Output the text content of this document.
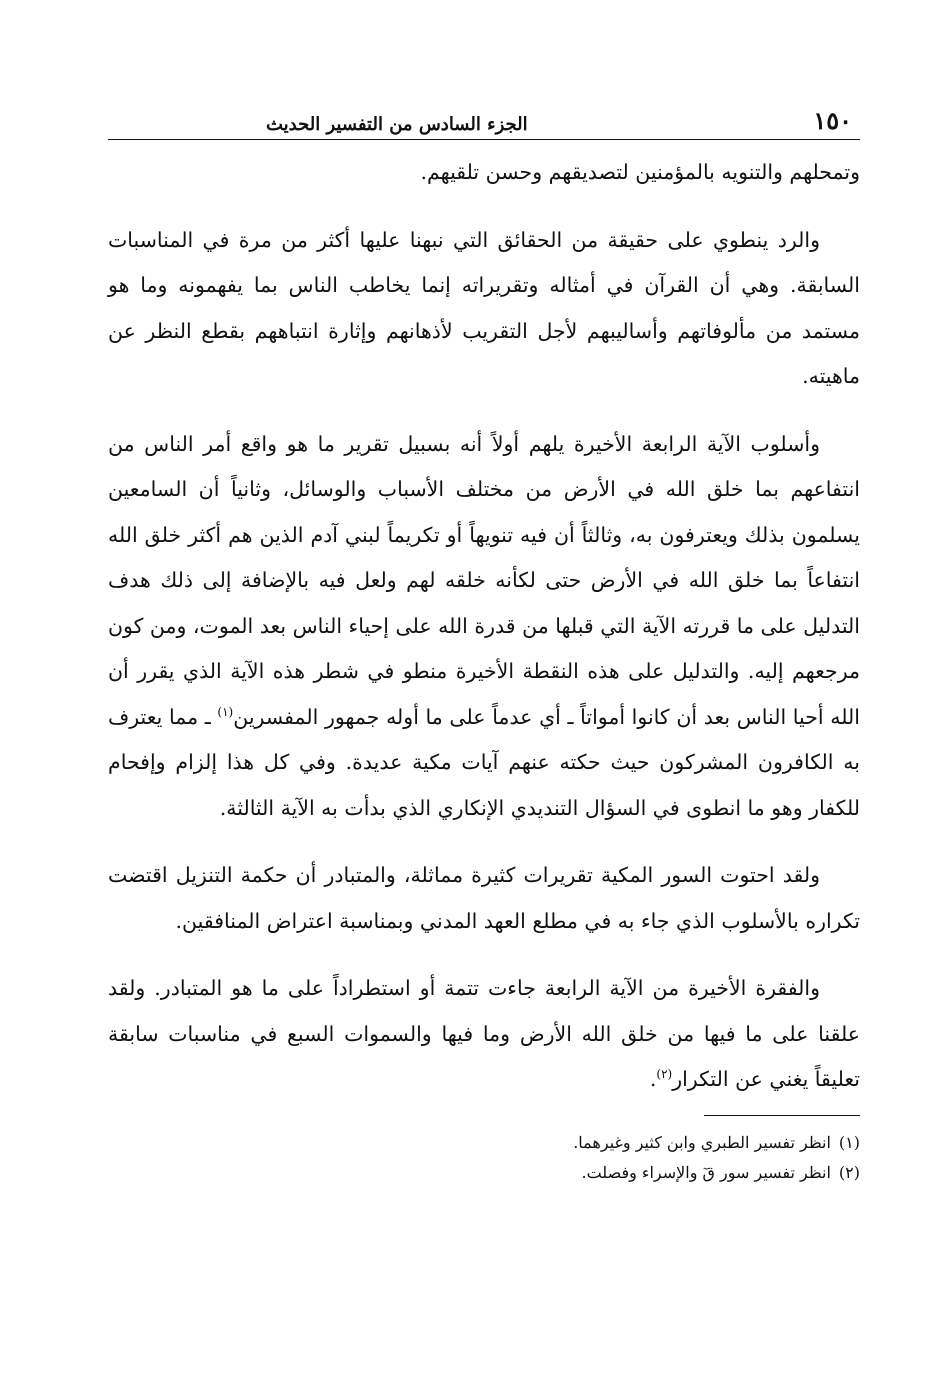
١٥٠
الجزء السادس من التفسير الحديث

وتمحلهم والتنويه بالمؤمنين لتصديقهم وحسن تلقيهم.

والرد ينطوي على حقيقة من الحقائق التي نبهنا عليها أكثر من مرة في المناسبات السابقة. وهي أن القرآن في أمثاله وتقريراته إنما يخاطب الناس بما يفهمونه وما هو مستمد من مألوفاتهم وأساليبهم لأجل التقريب لأذهانهم وإثارة انتباههم بقطع النظر عن ماهيته.

وأسلوب الآية الرابعة الأخيرة يلهم أولاً أنه بسبيل تقرير ما هو واقع أمر الناس من انتفاعهم بما خلق الله في الأرض من مختلف الأسباب والوسائل، وثانياً أن السامعين يسلمون بذلك ويعترفون به، وثالثاً أن فيه تنويهاً أو تكريماً لبني آدم الذين هم أكثر خلق الله انتفاعاً بما خلق الله في الأرض حتى لكأنه خلقه لهم ولعل فيه بالإضافة إلى ذلك هدف التدليل على ما قررته الآية التي قبلها من قدرة الله على إحياء الناس بعد الموت، ومن كون مرجعهم إليه. والتدليل على هذه النقطة الأخيرة منطو في شطر هذه الآية الذي يقرر أن الله أحيا الناس بعد أن كانوا أمواتاً ـ أي عدماً على ما أوله جمهور المفسرين$^{(١)}$ ـ مما يعترف به الكافرون المشركون حيث حكته عنهم آيات مكية عديدة. وفي كل هذا إلزام وإفحام للكفار وهو ما انطوى في السؤال التنديدي الإنكاري الذي بدأت به الآية الثالثة.

ولقد احتوت السور المكية تقريرات كثيرة مماثلة، والمتبادر أن حكمة التنزيل اقتضت تكراره بالأسلوب الذي جاء به في مطلع العهد المدني وبمناسبة اعتراض المنافقين.

والفقرة الأخيرة من الآية الرابعة جاءت تتمة أو استطراداً على ما هو المتبادر. ولقد علقنا على ما فيها من خلق الله الأرض وما فيها والسموات السبع في مناسبات سابقة تعليقاً يغني عن التكرار$^{(٢)}$.

(١)انظر تفسير الطبري وابن كثير وغيرهما.
(٢)انظر تفسير سور قٓ والإسراء وفصلت.
